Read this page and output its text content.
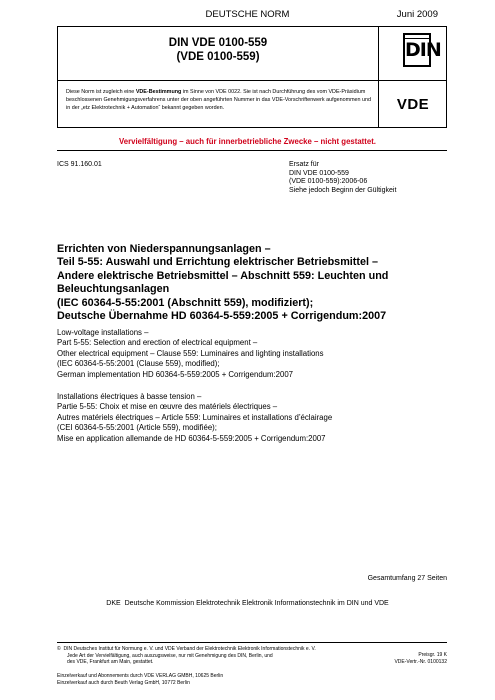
DEUTSCHE NORM	Juni 2009
DIN VDE 0100-559
(VDE 0100-559)	DIN
Diese Norm ist zugleich eine VDE-Bestimmung im Sinne von VDE 0022. Sie ist nach Durchführung des vom VDE-Präsidium beschlossenen Genehmigungsverfahrens unter der oben angeführten Nummer in das VDE-Vorschriftenwerk aufgenommen und in der „etz Elektrotechnik + Automation“ bekannt gegeben worden.	VDE
Vervielfältigung – auch für innerbetriebliche Zwecke – nicht gestattet.
ICS 91.160.01	Ersatz für
DIN VDE 0100-559
(VDE 0100-559):2006-06
Siehe jedoch Beginn der Gültigkeit
Errichten von Niederspannungsanlagen –
Teil 5-55: Auswahl und Errichtung elektrischer Betriebsmittel –
Andere elektrische Betriebsmittel – Abschnitt 559: Leuchten und
Beleuchtungsanlagen
(IEC 60364-5-55:2001 (Abschnitt 559), modifiziert);
Deutsche Übernahme HD 60364-5-559:2005 + Corrigendum:2007
Low-voltage installations –
Part 5-55: Selection and erection of electrical equipment –
Other electrical equipment – Clause 559: Luminaires and lighting installations
(IEC 60364-5-55:2001 (Clause 559), modified);
German implementation HD 60364-5-559:2005 + Corrigendum:2007
Installations électriques à basse tension –
Partie 5-55: Choix et mise en œuvre des matériels électriques –
Autres matériels électriques – Article 559: Luminaires et installations d’éclairage
(CEI 60364-5-55:2001 (Article 559), modifiée);
Mise en application allemande de HD 60364-5-559:2005 + Corrigendum:2007
Gesamtumfang 27 Seiten
DKE Deutsche Kommission Elektrotechnik Elektronik Informationstechnik im DIN und VDE
© DIN Deutsches Institut für Normung e. V. und VDE Verband der Elektrotechnik Elektronik Informationstechnik e. V.
Jede Art der Vervielfältigung, auch auszugsweise, nur mit Genehmigung des DIN, Berlin, und
des VDE, Frankfurt am Main, gestattet.
Einzelverkauf und Abonnements durch VDE VERLAG GMBH, 10625 Berlin
Einzelverkauf auch durch Beuth Verlag GmbH, 10772 Berlin
Preisgr. 19 K
VDE-Vertr.-Nr. 0100132
